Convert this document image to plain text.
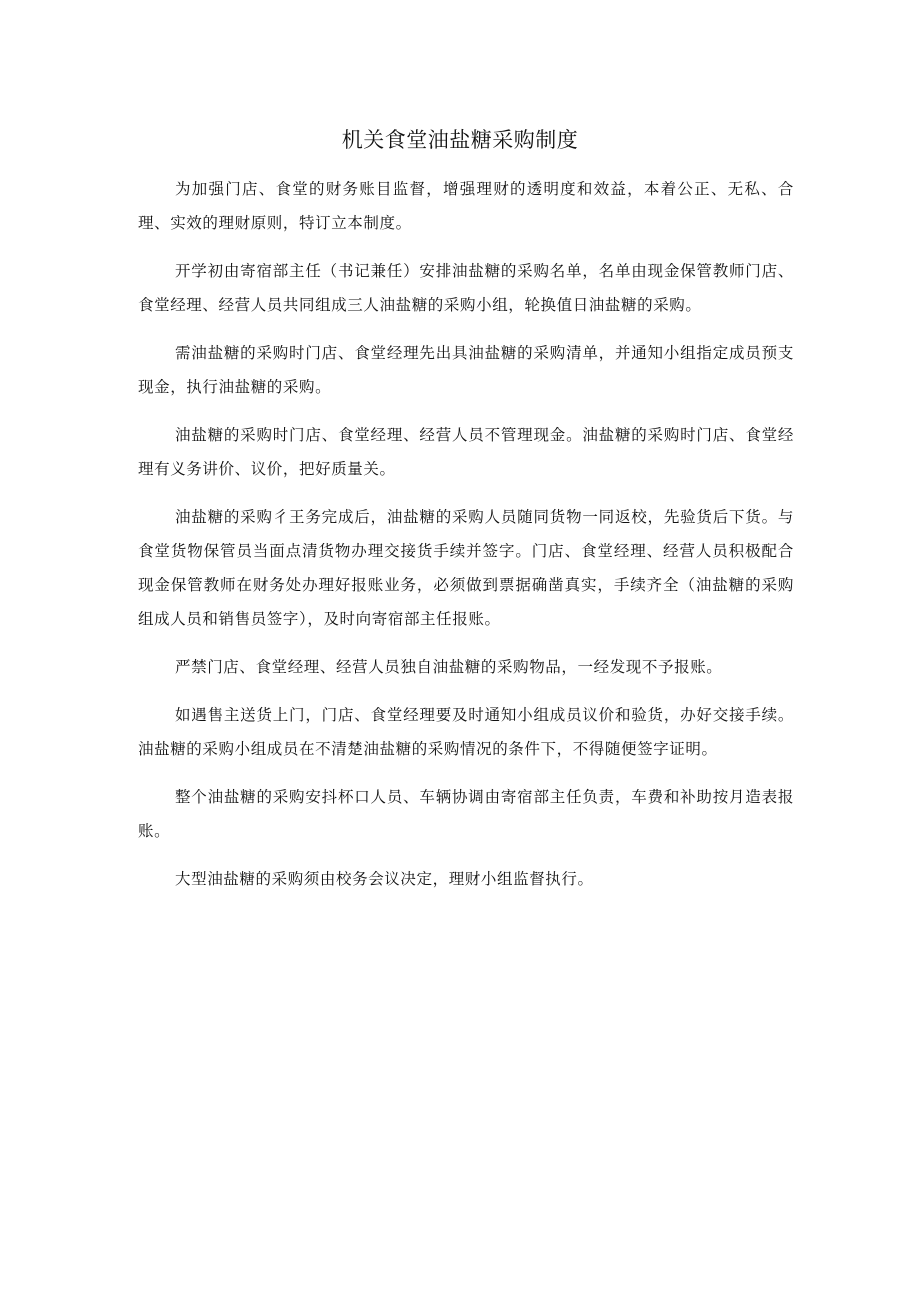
机关食堂油盐糖采购制度

为加强门店、食堂的财务账目监督，增强理财的透明度和效益，本着公正、无私、合理、实效的理财原则，特订立本制度。

开学初由寄宿部主任（书记兼任）安排油盐糖的采购名单，名单由现金保管教师门店、食堂经理、经营人员共同组成三人油盐糖的采购小组，轮换值日油盐糖的采购。

需油盐糖的采购时门店、食堂经理先出具油盐糖的采购清单，并通知小组指定成员预支现金，执行油盐糖的采购。

油盐糖的采购时门店、食堂经理、经营人员不管理现金。油盐糖的采购时门店、食堂经理有义务讲价、议价，把好质量关。

油盐糖的采购彳王务完成后，油盐糖的采购人员随同货物一同返校，先验货后下货。与食堂货物保管员当面点清货物办理交接货手续并签字。门店、食堂经理、经营人员积极配合现金保管教师在财务处办理好报账业务，必须做到票据确凿真实，手续齐全（油盐糖的采购组成人员和销售员签字），及时向寄宿部主任报账。

严禁门店、食堂经理、经营人员独自油盐糖的采购物品，一经发现不予报账。

如遇售主送货上门，门店、食堂经理要及时通知小组成员议价和验货，办好交接手续。油盐糖的采购小组成员在不清楚油盐糖的采购情况的条件下，不得随便签字证明。

整个油盐糖的采购安抖杯口人员、车辆协调由寄宿部主任负责，车费和补助按月造表报账。

大型油盐糖的采购须由校务会议决定，理财小组监督执行。
